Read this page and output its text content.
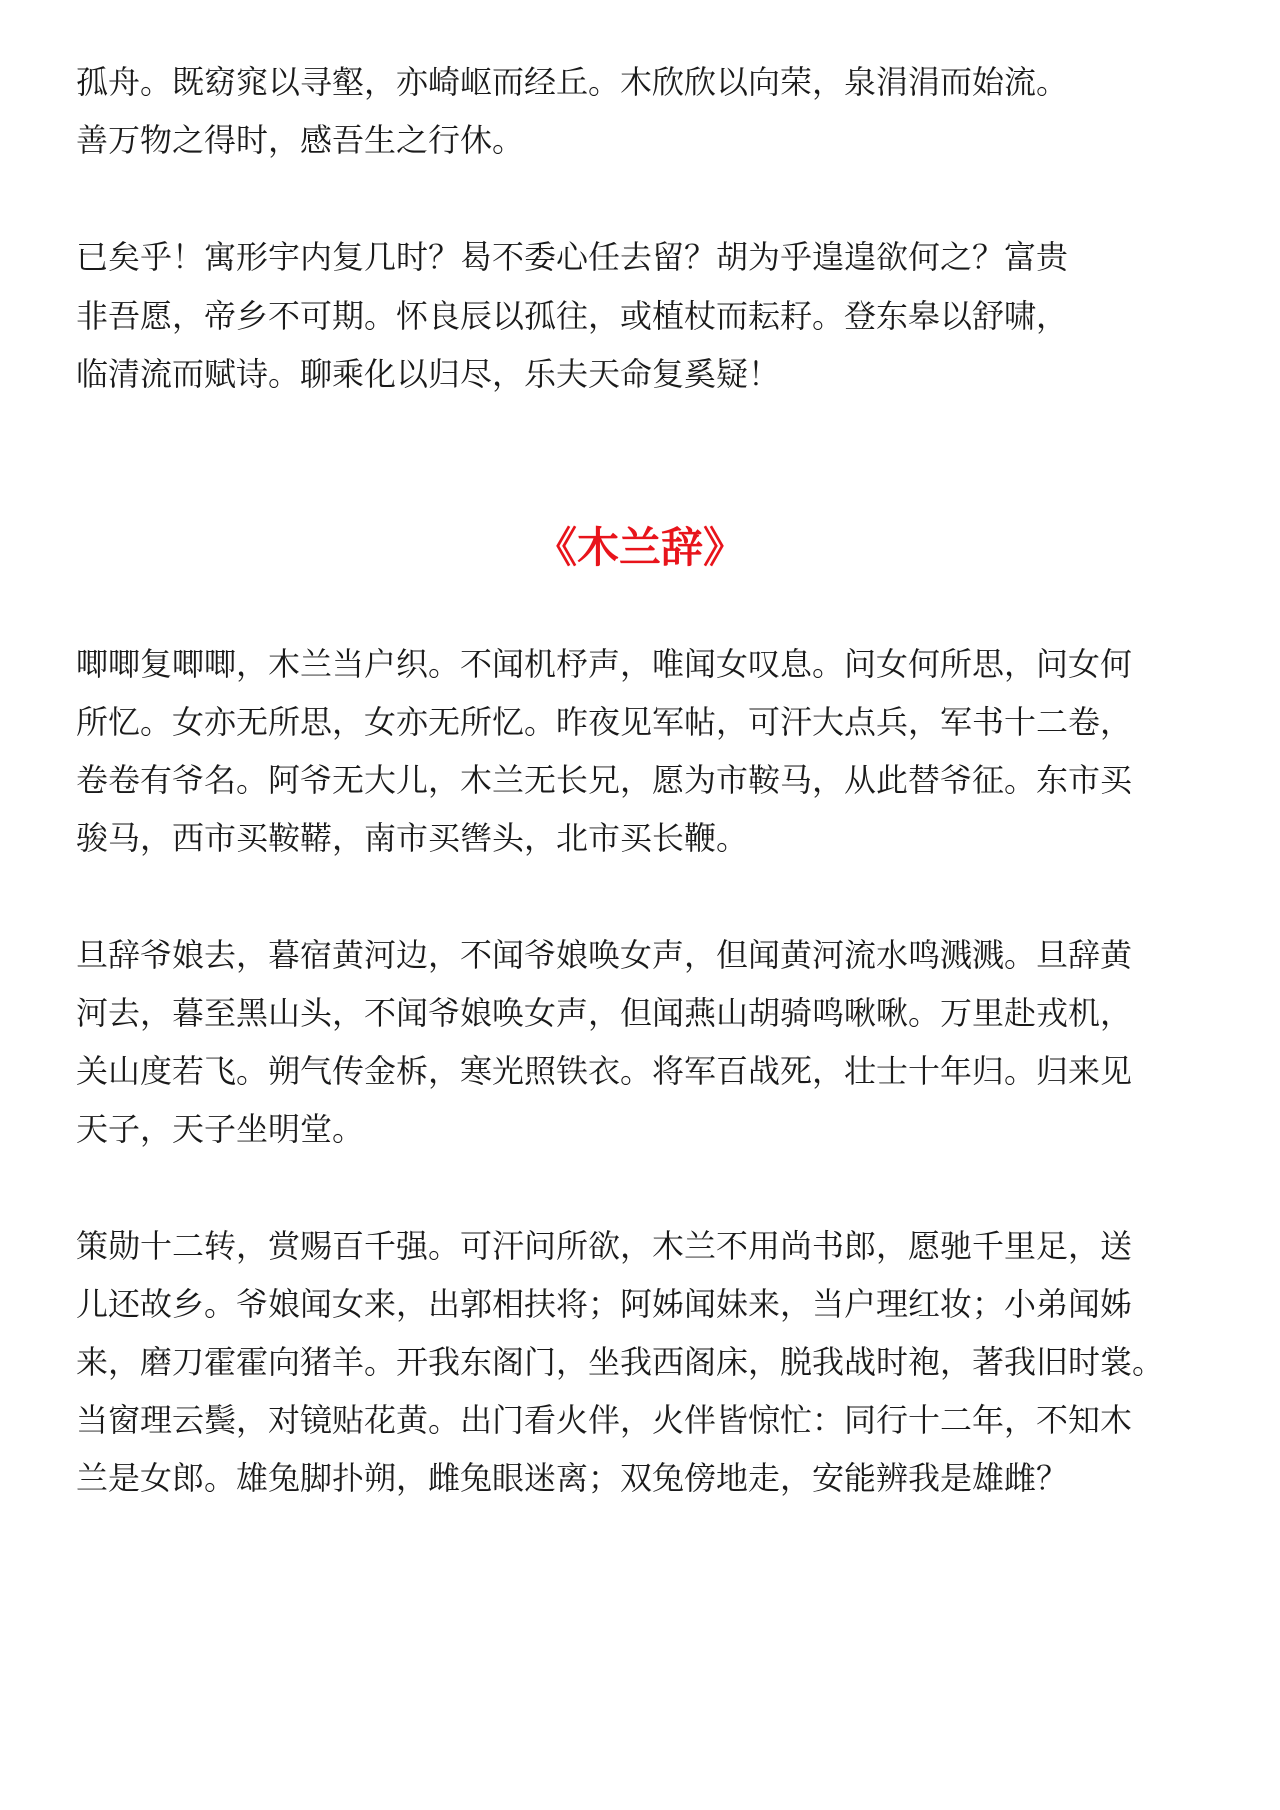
孤舟。既窈窕以寻壑，亦崎岖而经丘。木欣欣以向荣，泉涓涓而始流。
善万物之得时，感吾生之行休。
已矣乎！寓形宇内复几时？曷不委心任去留？胡为乎遑遑欲何之？富贵
非吾愿，帝乡不可期。怀良辰以孤往，或植杖而耘耔。登东皋以舒啸，
临清流而赋诗。聊乘化以归尽，乐夫天命复奚疑！
《木兰辞》
唧唧复唧唧，木兰当户织。不闻机杼声，唯闻女叹息。问女何所思，问女何
所忆。女亦无所思，女亦无所忆。昨夜见军帖，可汗大点兵，军书十二卷，
卷卷有爷名。阿爷无大儿，木兰无长兄，愿为市鞍马，从此替爷征。东市买
骏马，西市买鞍鞯，南市买辔头，北市买长鞭。
旦辞爷娘去，暮宿黄河边，不闻爷娘唤女声，但闻黄河流水鸣溅溅。旦辞黄
河去，暮至黑山头，不闻爷娘唤女声，但闻燕山胡骑鸣啾啾。万里赴戎机，
关山度若飞。朔气传金柝，寒光照铁衣。将军百战死，壮士十年归。归来见
天子，天子坐明堂。
策勋十二转，赏赐百千强。可汗问所欲，木兰不用尚书郎，愿驰千里足，送
儿还故乡。爷娘闻女来，出郭相扶将；阿姊闻妹来，当户理红妆；小弟闻姊
来，磨刀霍霍向猪羊。开我东阁门，坐我西阁床，脱我战时袍，著我旧时裳。
当窗理云鬓，对镜贴花黄。出门看火伴，火伴皆惊忙：同行十二年，不知木
兰是女郎。雄兔脚扑朔，雌兔眼迷离；双兔傍地走，安能辨我是雄雌？
